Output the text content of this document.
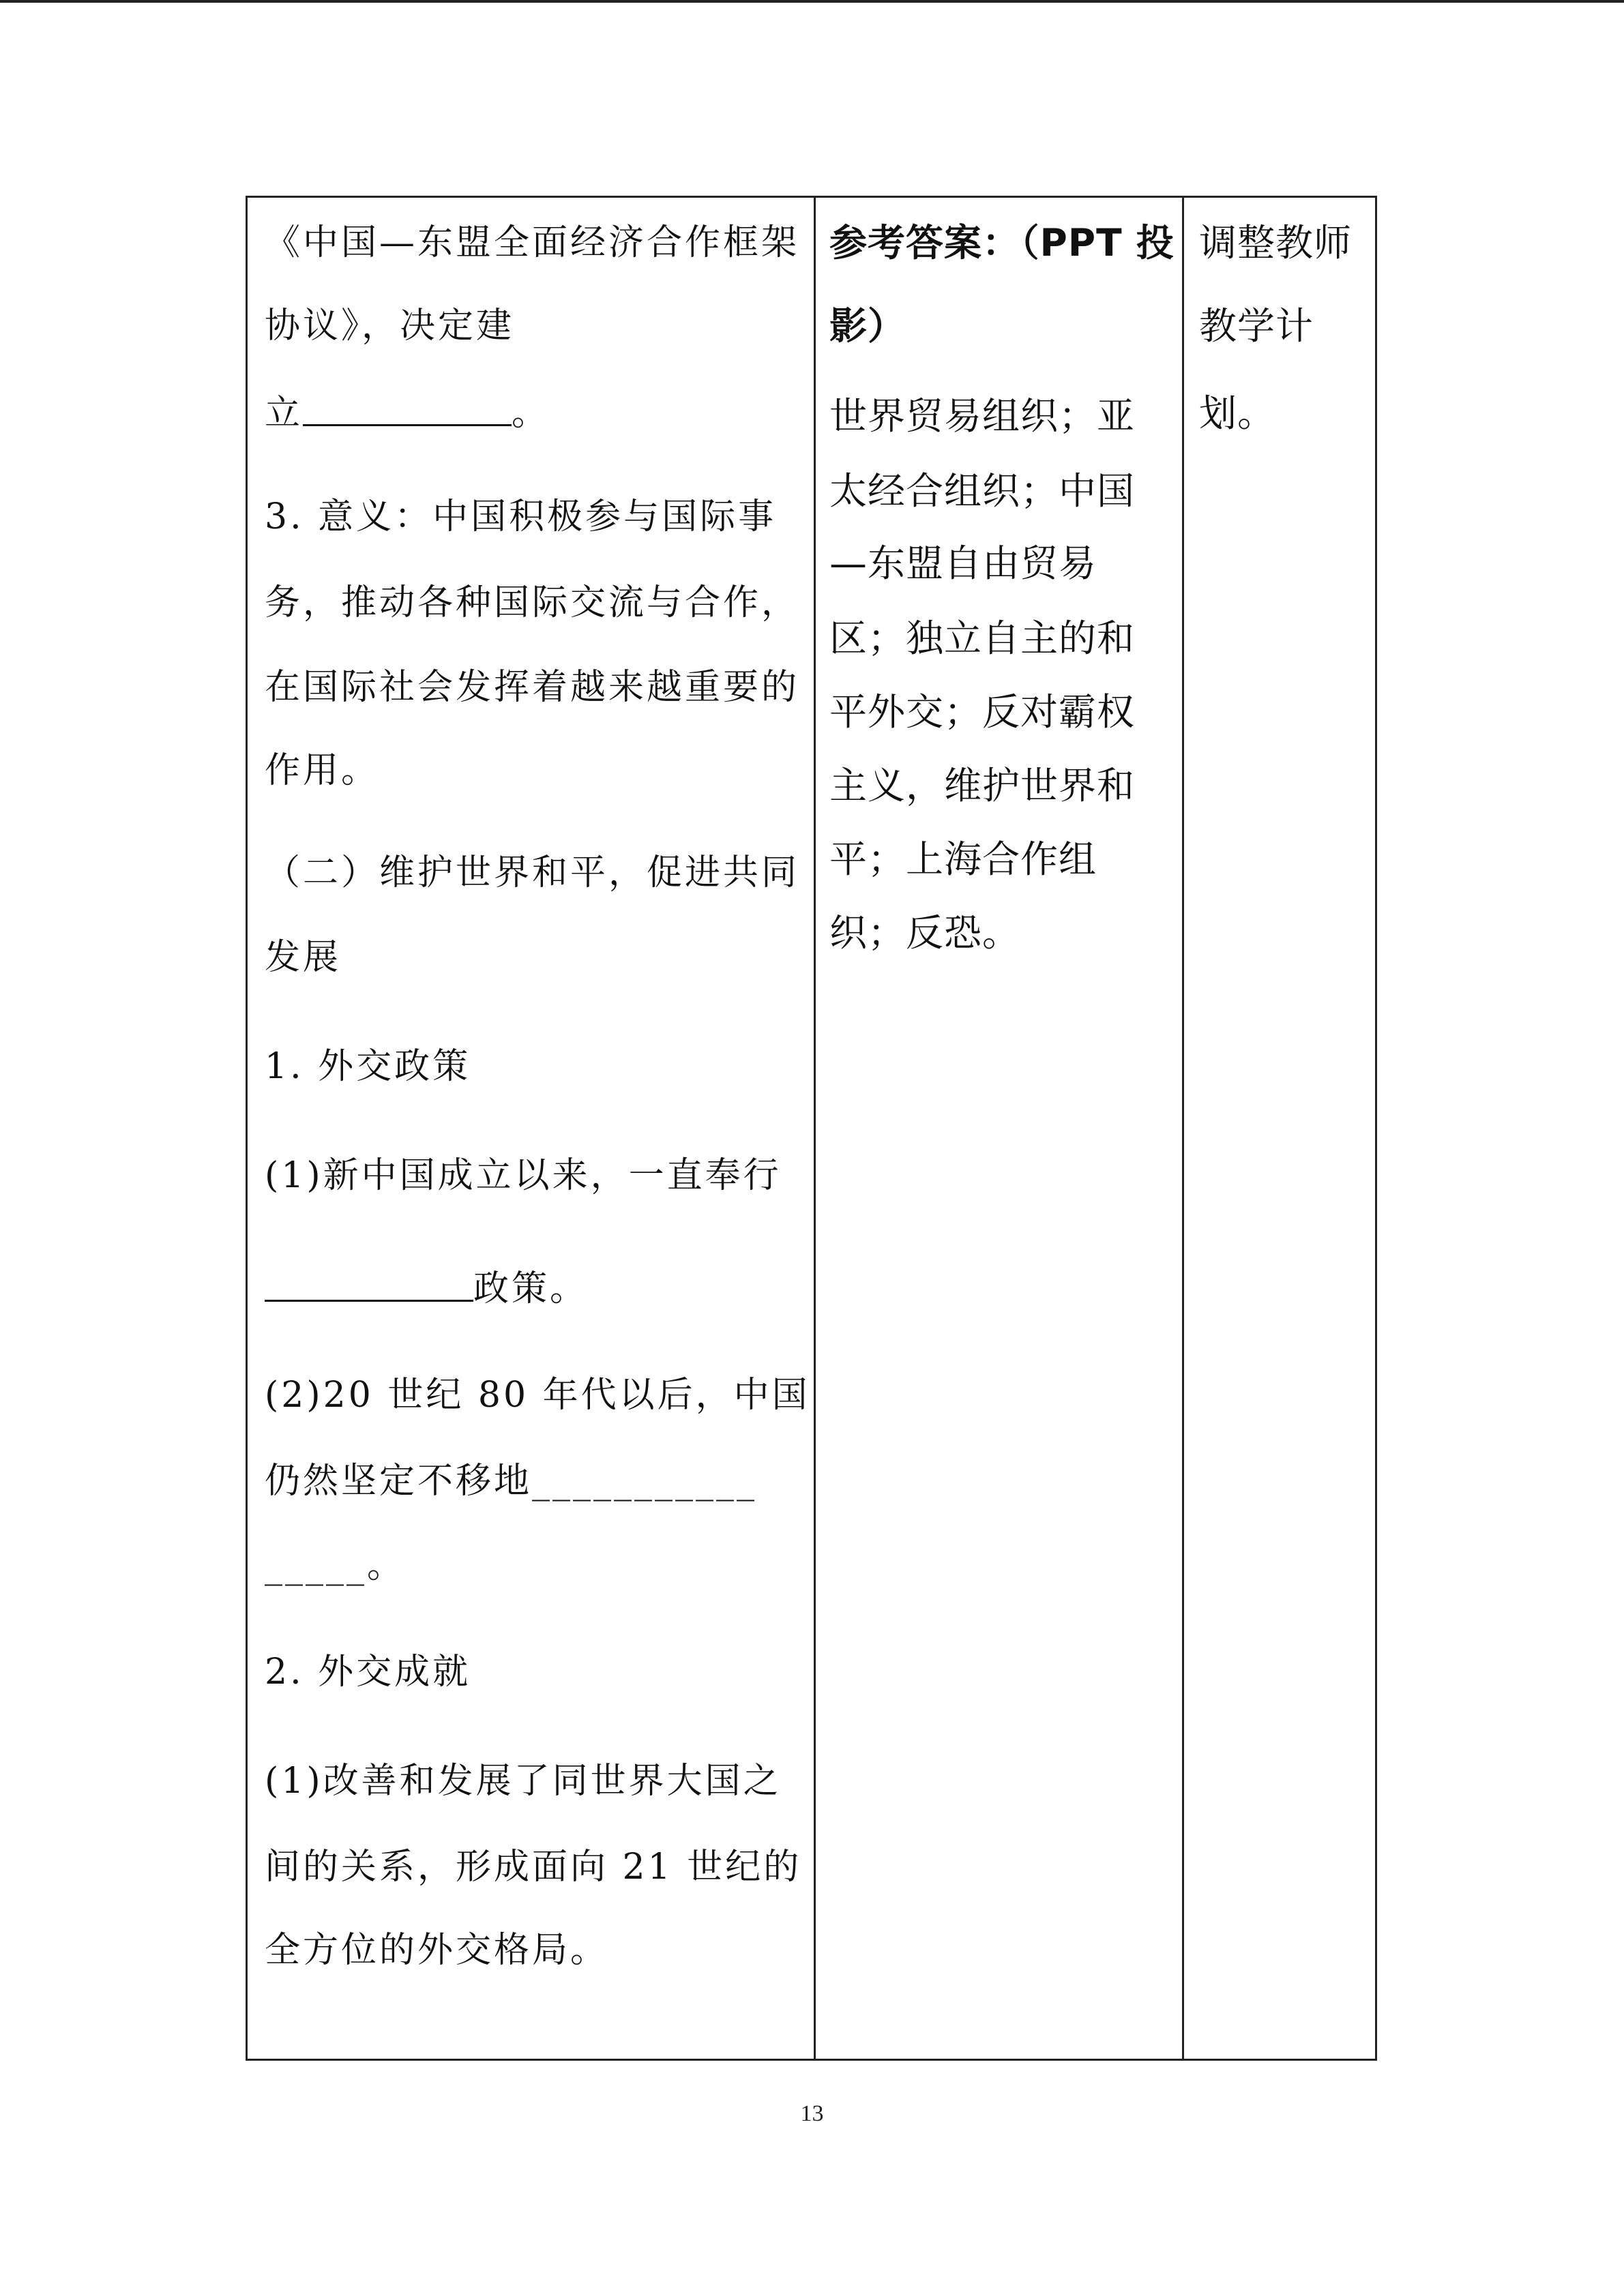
《中国—东盟全面经济合作框架
协议》，决定建
立	。
3. 意义：中国积极参与国际事
务，推动各种国际交流与合作，
在国际社会发挥着越来越重要的
作用。
（二）维护世界和平，促进共同
发展
1. 外交政策
(1)新中国成立以来，一直奉行
政策。
(2)20 世纪 80 年代以后，中国
仍然坚定不移地___________
_____。
2. 外交成就
(1)改善和发展了同世界大国之
间的关系，形成面向 21 世纪的
全方位的外交格局。
参考答案：（PPT 投
影）
世界贸易组织；亚
太经合组织；中国
—东盟自由贸易
区；独立自主的和
平外交；反对霸权
主义，维护世界和
平；上海合作组
织；反恐。
调整教师
教学计
划。
13
